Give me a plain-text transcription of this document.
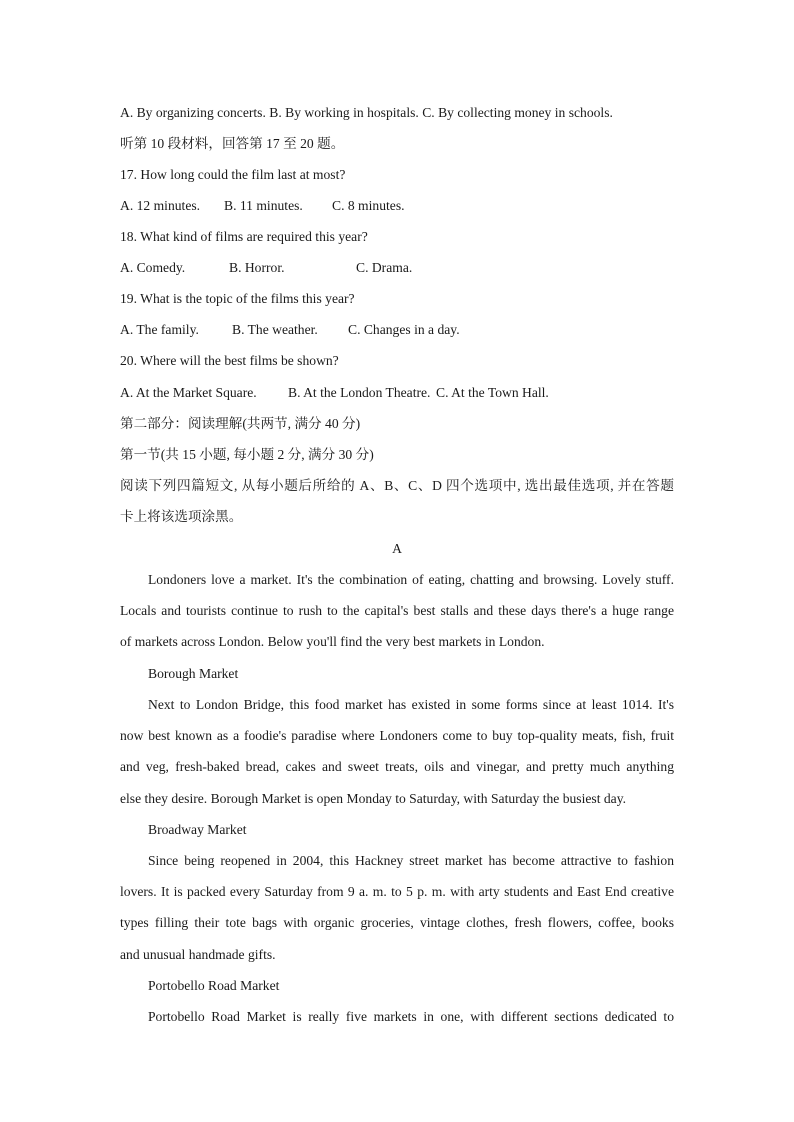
A. By organizing concerts. B. By working in hospitals. C. By collecting money in schools.
听第 10 段材料，回答第 17 至 20 题。
17. How long could the film last at most?
A. 12 minutes. B. 11 minutes. C. 8 minutes.
18. What kind of films are required this year?
A. Comedy.	B. Horror.	C. Drama.
19. What is the topic of the films this year?
A. The family. B. The weather. C. Changes in a day.
20. Where will the best films be shown?
A. At the Market Square. B. At the London Theatre. C. At the Town Hall.
第二部分：阅读理解(共两节, 满分 40 分)
第一节(共 15 小题, 每小题 2 分, 满分 30 分)
阅读下列四篇短文, 从每小题后所给的 A、B、C、D 四个选项中, 选出最佳选项, 并在答题
卡上将该选项涂黑。
A
Londoners love a market. It's the combination of eating, chatting and browsing. Lovely stuff.
Locals and tourists continue to rush to the capital's best stalls and these days there's a huge range
of markets across London. Below you'll find the very best markets in London.
Borough Market
Next to London Bridge, this food market has existed in some forms since at least 1014. It's
now best known as a foodie's paradise where Londoners come to buy top-quality meats, fish, fruit
and veg, fresh-baked bread, cakes and sweet treats, oils and vinegar, and pretty much anything
else they desire. Borough Market is open Monday to Saturday, with Saturday the busiest day.
Broadway Market
Since being reopened in 2004, this Hackney street market has become attractive to fashion
lovers. It is packed every Saturday from 9 a. m. to 5 p. m. with arty students and East End creative
types filling their tote bags with organic groceries, vintage clothes, fresh flowers, coffee, books
and unusual handmade gifts.
Portobello Road Market
Portobello Road Market is really five markets in one, with different sections dedicated to
